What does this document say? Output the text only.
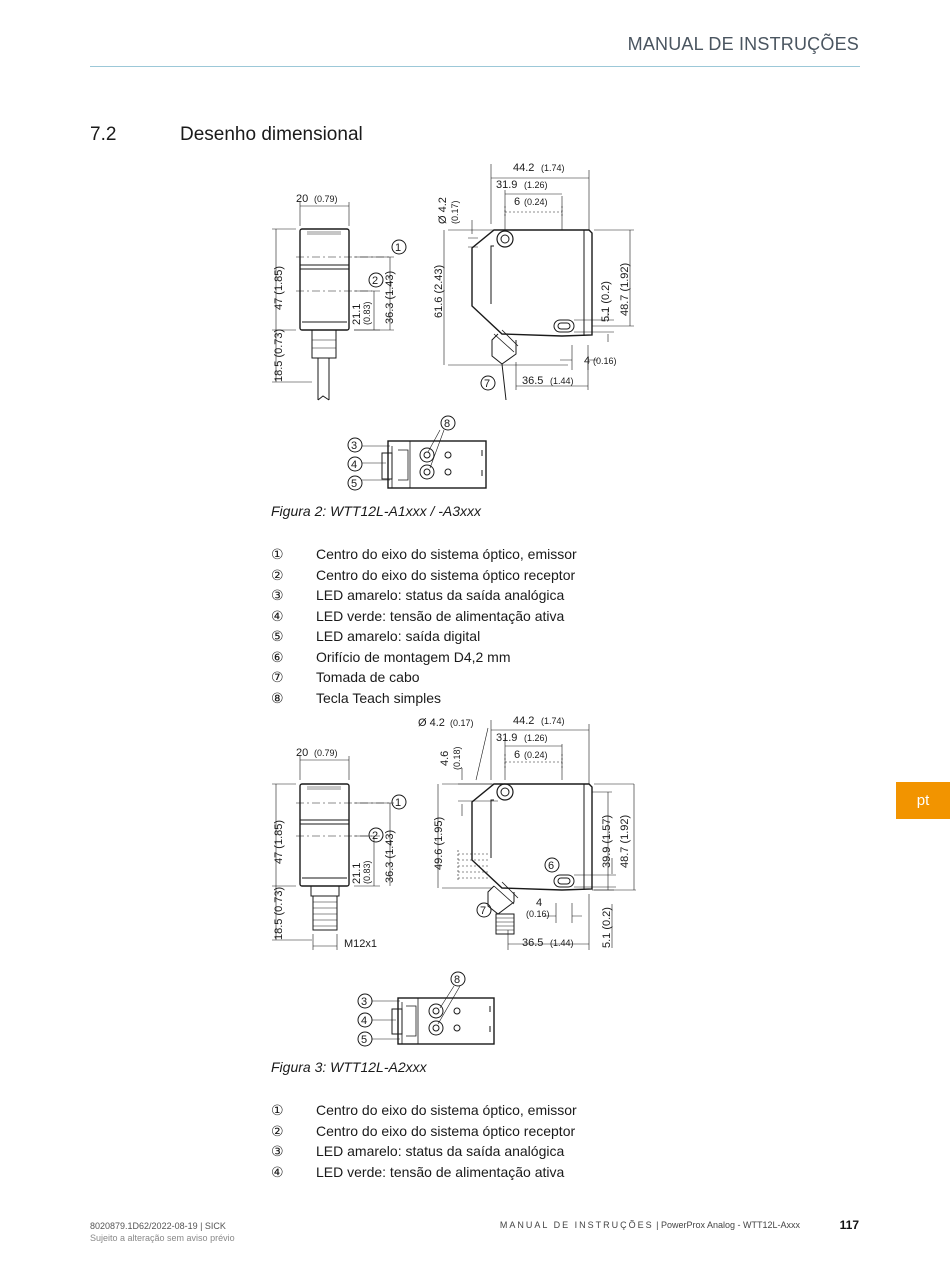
MANUAL DE INSTRUÇÕES
7.2	Desenho dimensional
20 (0.79)
47 (1.85)
18.5 (0.73)
21.1 (0.83) 36.3 (1.43)
1
2
44.2 (1.74)
31.9 (1.26)
6 (0.24)
Ø 4.2 (0.17)
61.6 (2.43)	5.1 (0.2) 48.7 (1.92)
4 (0.16)
36.5 (1.44)
7
8
3
4
5
Figura 2: WTT12L-A1xxx / -A3xxx
①	Centro do eixo do sistema óptico, emissor
②	Centro do eixo do sistema óptico receptor
③	LED amarelo: status da saída analógica
④	LED verde: tensão de alimentação ativa
⑤	LED amarelo: saída digital
⑥	Orifício de montagem D4,2 mm
⑦	Tomada de cabo
⑧	Tecla Teach simples
20 (0.79)
47 (1.85)
18.5 (0.73)
21.1 (0.83) 36.3 (1.43)
M12x1
1
2
Ø 4.2 (0.17)	44.2 (1.74)
31.9 (1.26)
6 (0.24)
4.6 (0.18)
49.6 (1.95)	39.9 (1.57) 48.7 (1.92)
5.1 (0.2)
4
(0.16)
36.5 (1.44)
6
7
8
3
4
5
Figura 3: WTT12L-A2xxx
①	Centro do eixo do sistema óptico, emissor
②	Centro do eixo do sistema óptico receptor
③	LED amarelo: status da saída analógica
④	LED verde: tensão de alimentação ativa
pt
8020879.1D62/2022-08-19 | SICK
Sujeito a alteração sem aviso prévio
MANUAL DE INSTRUÇÕES | PowerProx Analog - WTT12L-Axxx	117
